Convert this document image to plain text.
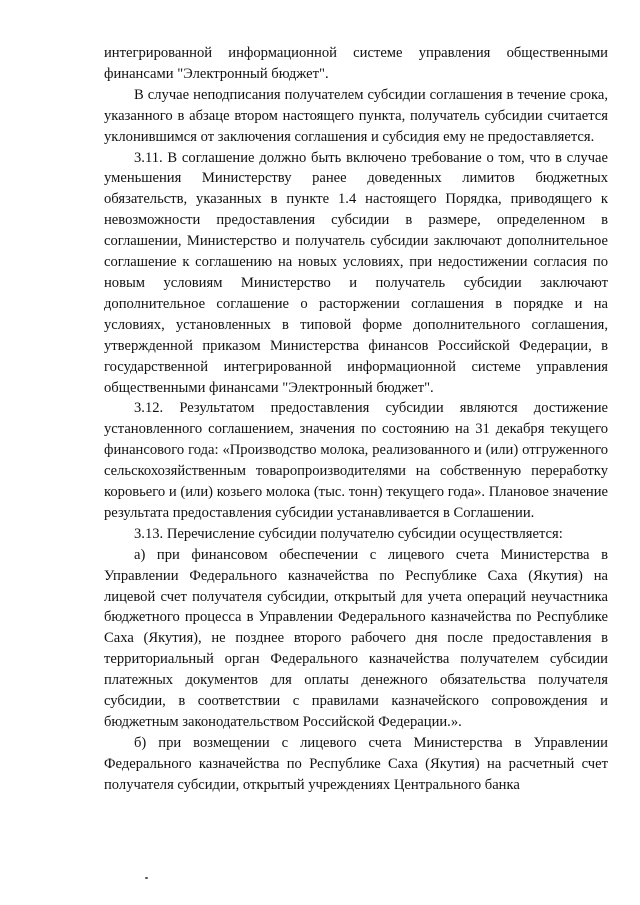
интегрированной информационной системе управления общественными финансами "Электронный бюджет".

В случае неподписания получателем субсидии соглашения в течение срока, указанного в абзаце втором настоящего пункта, получатель субсидии считается уклонившимся от заключения соглашения и субсидия ему не предоставляется.

3.11. В соглашение должно быть включено требование о том, что в случае уменьшения Министерству ранее доведенных лимитов бюджетных обязательств, указанных в пункте 1.4 настоящего Порядка, приводящего к невозможности предоставления субсидии в размере, определенном в соглашении, Министерство и получатель субсидии заключают дополнительное соглашение к соглашению на новых условиях, при недостижении согласия по новым условиям Министерство и получатель субсидии заключают дополнительное соглашение о расторжении соглашения в порядке и на условиях, установленных в типовой форме дополнительного соглашения, утвержденной приказом Министерства финансов Российской Федерации, в государственной интегрированной информационной системе управления общественными финансами "Электронный бюджет".

3.12. Результатом предоставления субсидии являются достижение установленного соглашением, значения по состоянию на 31 декабря текущего финансового года: «Производство молока, реализованного и (или) отгруженного сельскохозяйственным товаропроизводителями на собственную переработку коровьего и (или) козьего молока (тыс. тонн) текущего года». Плановое значение результата предоставления субсидии устанавливается в Соглашении.

3.13. Перечисление субсидии получателю субсидии осуществляется:

а) при финансовом обеспечении с лицевого счета Министерства в Управлении Федерального казначейства по Республике Саха (Якутия) на лицевой счет получателя субсидии, открытый для учета операций неучастника бюджетного процесса в Управлении Федерального казначейства по Республике Саха (Якутия), не позднее второго рабочего дня после предоставления в территориальный орган Федерального казначейства получателем субсидии платежных документов для оплаты денежного обязательства получателя субсидии, в соответствии с правилами казначейского сопровождения и бюджетным законодательством Российской Федерации.».

б) при возмещении с лицевого счета Министерства в Управлении Федерального казначейства по Республике Саха (Якутия) на расчетный счет получателя субсидии, открытый учреждениях Центрального банка
